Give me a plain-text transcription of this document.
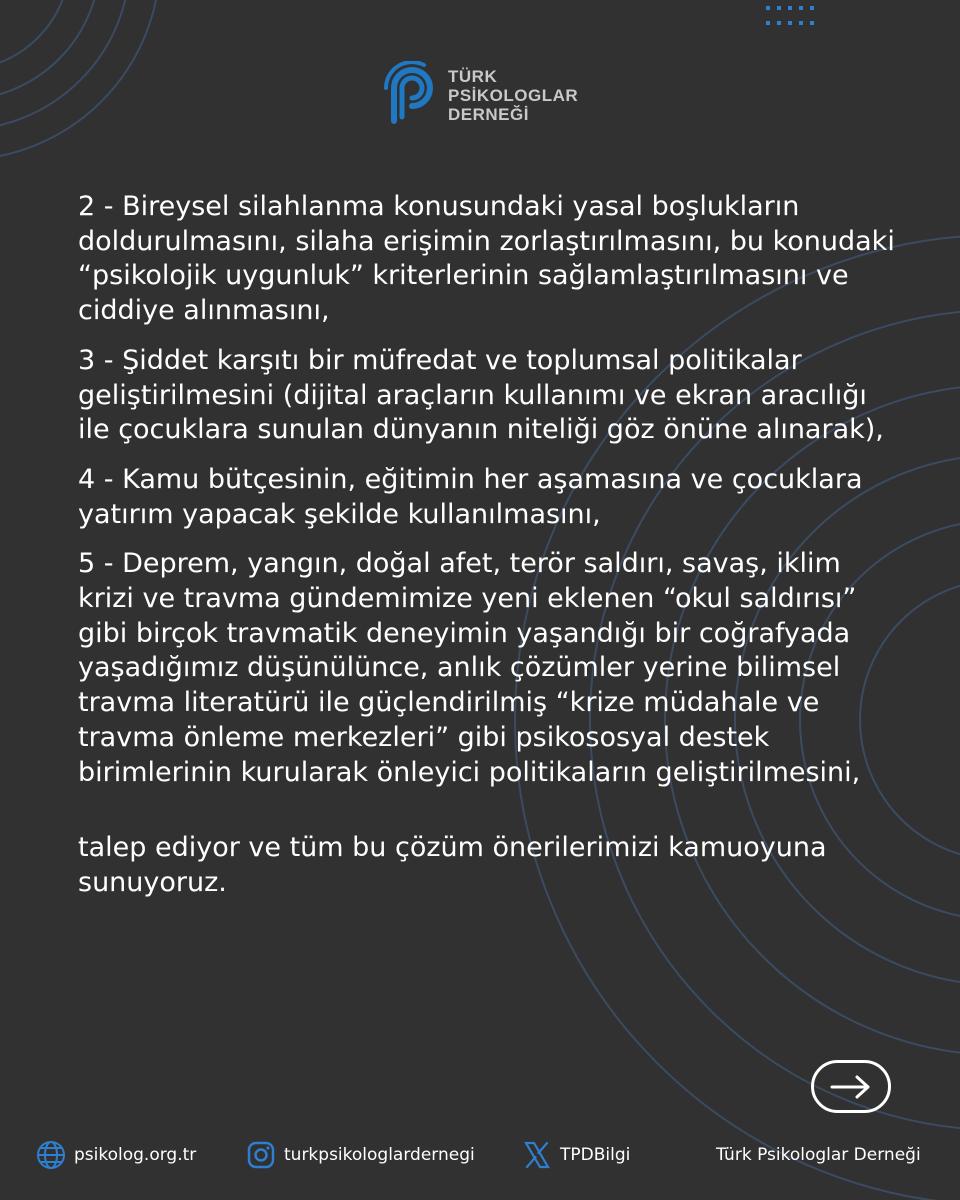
TÜRK
PSİKOLOGLAR
DERNEĞİ

2 - Bireysel silahlanma konusundaki yasal boşlukların doldurulmasını, silaha erişimin zorlaştırılmasını, bu konudaki “psikolojik uygunluk” kriterlerinin sağlamlaştırılmasını ve ciddiye alınmasını,

3 - Şiddet karşıtı bir müfredat ve toplumsal politikalar geliştirilmesini (dijital araçların kullanımı ve ekran aracılığı ile çocuklara sunulan dünyanın niteliği göz önüne alınarak),

4 - Kamu bütçesinin, eğitimin her aşamasına ve çocuklara yatırım yapacak şekilde kullanılmasını,

5 - Deprem, yangın, doğal afet, terör saldırı, savaş, iklim krizi ve travma gündemimize yeni eklenen “okul saldırısı” gibi birçok travmatik deneyimin yaşandığı bir coğrafyada yaşadığımız düşünülünce, anlık çözümler yerine bilimsel travma literatürü ile güçlendirilmiş “krize müdahale ve travma önleme merkezleri” gibi psikososyal destek birimlerinin kurularak önleyici politikaların geliştirilmesini,

talep ediyor ve tüm bu çözüm önerilerimizi kamuoyuna sunuyoruz.

psikolog.org.tr	turkpsikologlardernegi	TPDBilgi	Türk Psikologlar Derneği
